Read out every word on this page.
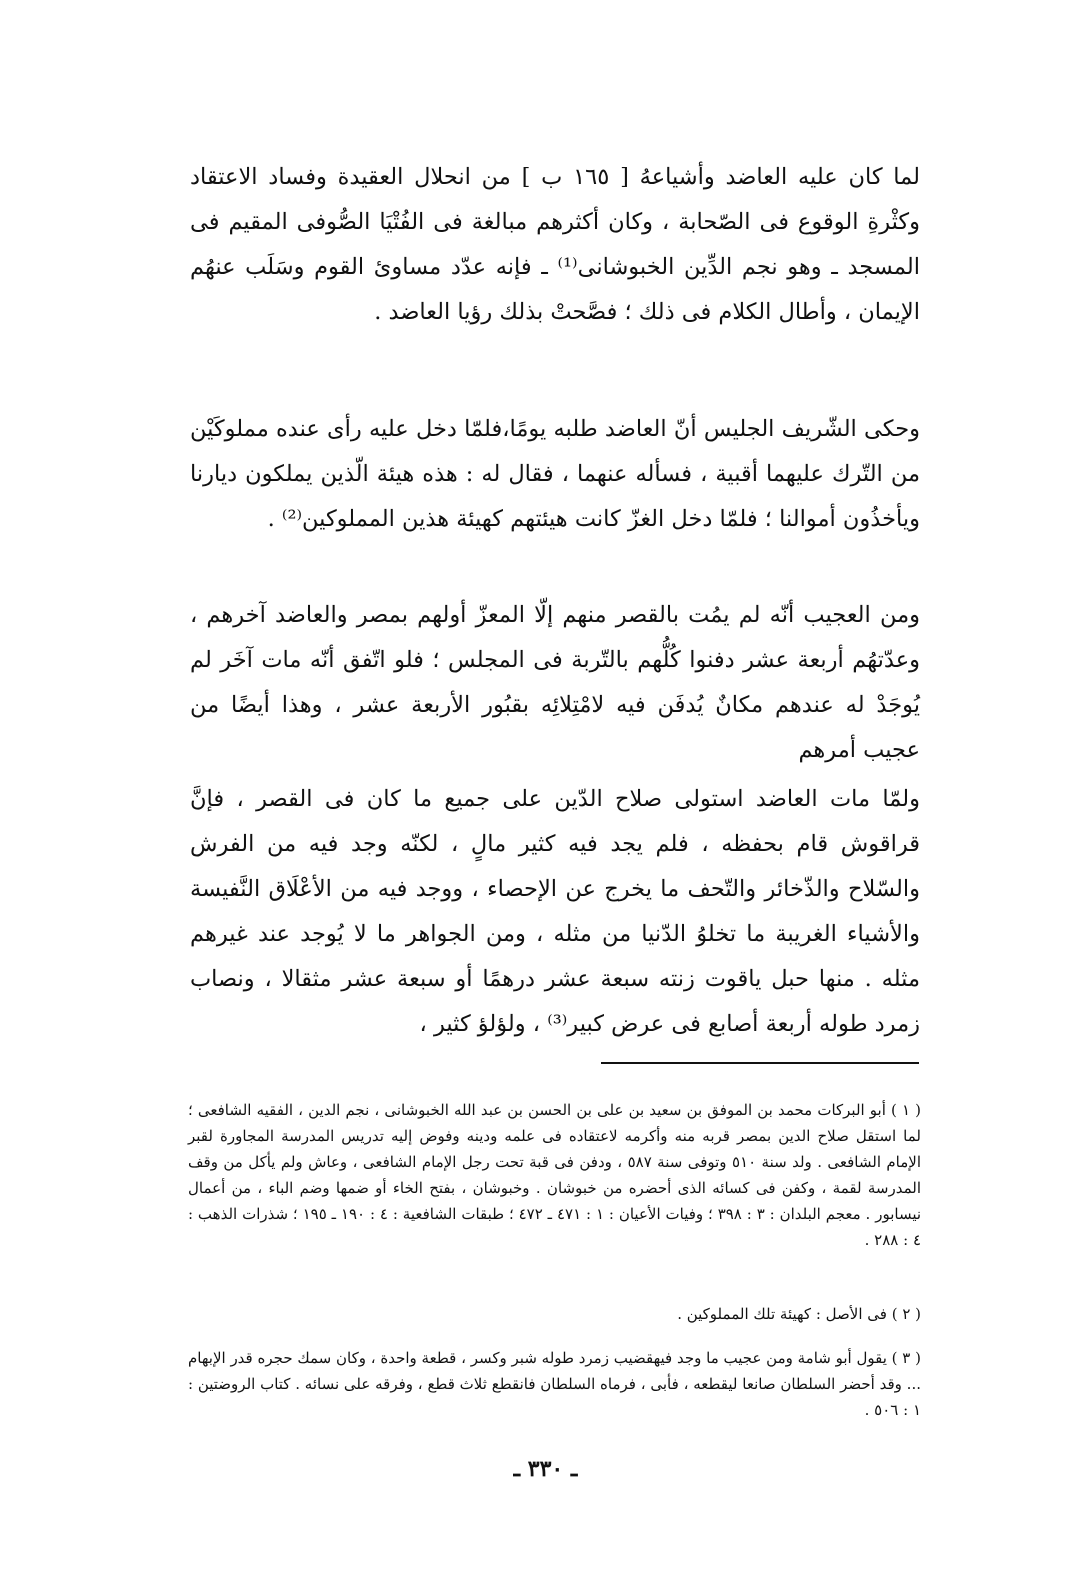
لما كان عليه العاضد وأشياعهُ [ ١٦٥ ب ] من انحلال العقيدة وفساد الاعتقاد وكثْرةِ الوقوع فى الصّحابة ، وكان أكثرهم مبالغة فى الفُتْيَا الصُّوفى المقيم فى المسجد ـ وهو نجم الدِّين الخبوشانى⁽¹⁾ ـ فإنه عدّد مساوئ القوم وسَلَب عنهُم الإيمان ، وأطال الكلام فى ذلك ؛ فصَّحتْ بذلك رؤيا العاضد .

وحكى الشّريف الجليس أنّ العاضد طلبه يومًا،فلمّا دخل عليه رأى عنده مملوكَيْن من التّرك عليهما أقبية ، فسأله عنهما ، فقال له : هذه هيئة الّذين يملكون ديارنا ويأخذُون أموالنا ؛ فلمّا دخل الغزّ كانت هيئتهم كهيئة هذين المملوكين⁽²⁾ .

ومن العجيب أنّه لم يمُت بالقصر منهم إلّا المعزّ أولهم بمصر والعاضد آخرهم ، وعدّتهُم أربعة عشر دفنوا كُلُّهم بالتّربة فى المجلس ؛ فلو اتّفق أنّه مات آخَر لم يُوجَدْ له عندهم مكانٌ يُدفَن فيه لامْتِلائِه بقبُور الأربعة عشر ، وهذا أيضًا من عجيب أمرهم

ولمّا مات العاضد استولى صلاح الدّين على جميع ما كان فى القصر ، فإنَّ قراقوش قام بحفظه ، فلم يجد فيه كثير مالٍ ، لكنّه وجد فيه من الفرش والسّلاح والذّخائر والتّحف ما يخرج عن الإحصاء ، ووجد فيه من الأعْلَاق النَّفيسة والأشياء الغريبة ما تخلوُ الدّنيا من مثله ، ومن الجواهر ما لا يُوجد عند غيرهم مثله . منها حبل ياقوت زنته سبعة عشر درهمًا أو سبعة عشر مثقالا ، ونصاب زمرد طوله أربعة أصابع فى عرض كبير⁽³⁾ ، ولؤلؤ كثير ،

( ١ ) أبو البركات محمد بن الموفق بن سعيد بن على بن الحسن بن عبد الله الخبوشانى ، نجم الدين ، الفقيه الشافعى ؛ لما استقل صلاح الدين بمصر قربه منه وأكرمه لاعتقاده فى علمه ودينه وفوض إليه تدريس المدرسة المجاورة لقبر الإمام الشافعى . ولد سنة ٥١٠ وتوفى سنة ٥٨٧ ، ودفن فى قبة تحت رجل الإمام الشافعى ، وعاش ولم يأكل من وقف المدرسة لقمة ، وكفن فى كسائه الذى أحضره من خبوشان . وخبوشان ، بفتح الخاء أو ضمها وضم الباء ، من أعمال نيسابور . معجم البلدان : ٣ : ٣٩٨ ؛ وفيات الأعيان : ١ : ٤٧١ ـ ٤٧٢ ؛ طبقات الشافعية : ٤ : ١٩٠ ـ ١٩٥ ؛ شذرات الذهب : ٤ : ٢٨٨ .

( ٢ ) فى الأصل : كهيئة تلك المملوكين .

( ٣ ) يقول أبو شامة ومن عجيب ما وجد فيهقضيب زمرد طوله شبر وكسر ، قطعة واحدة ، وكان سمك حجره قدر الإبهام ... وقد أحضر السلطان صانعا ليقطعه ، فأبى ، فرماه السلطان فانقطع ثلاث قطع ، وفرقه على نسائه . كتاب الروضتين : ١ : ٥٠٦ .

ـ ٣٣٠ ـ
